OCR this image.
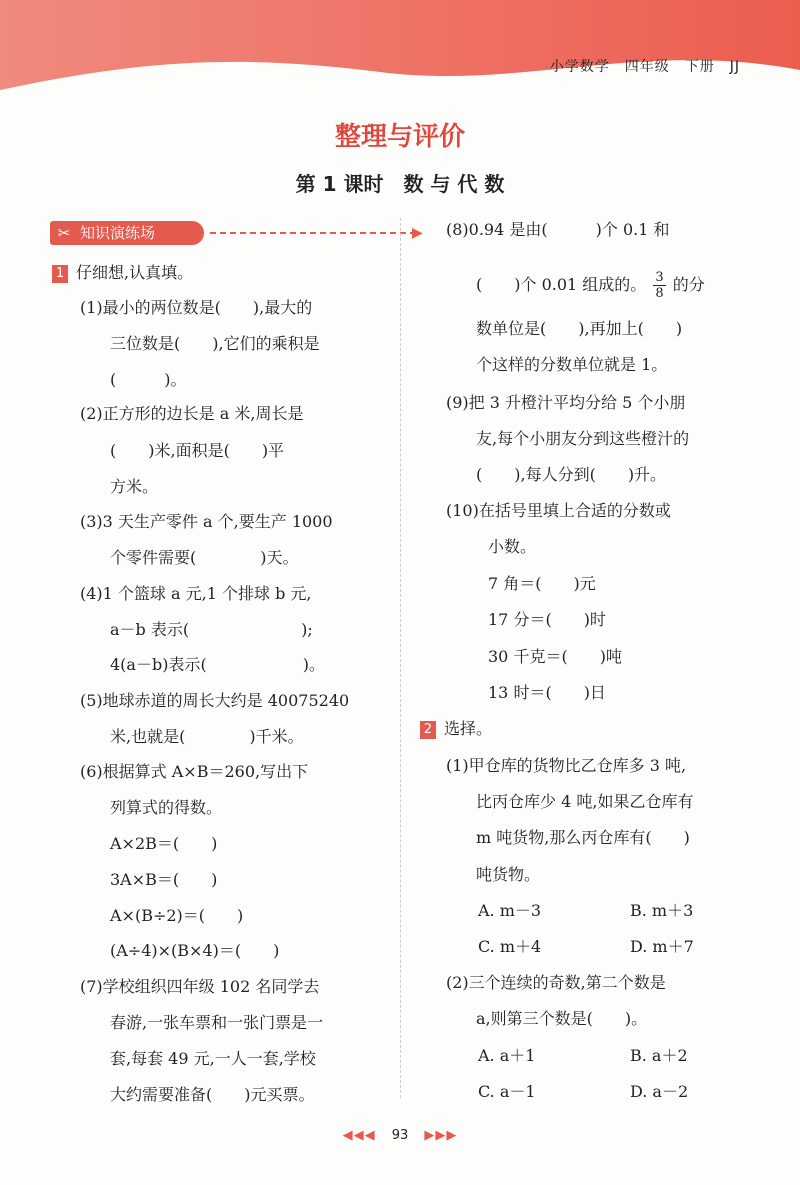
小学数学　四年级　下册　JJ
整理与评价
第 1 课时　数 与 代 数
✂ 知识演练场	▶
1 仔细想,认真填。
(1)最小的两位数是(　　),最大的
三位数是(　　),它们的乘积是
(　　　)。
(2)正方形的边长是 a 米,周长是
(　　)米,面积是(　　)平
方米。
(3)3 天生产零件 a 个,要生产 1000
个零件需要(　　　　)天。
(4)1 个篮球 a 元,1 个排球 b 元,
a－b 表示(　　　　　　　);
4(a－b)表示(　　　　　　)。
(5)地球赤道的周长大约是 40075240
米,也就是(　　　　)千米。
(6)根据算式 A×B＝260,写出下
列算式的得数。
A×2B＝(　　)
3A×B＝(　　)
A×(B÷2)＝(　　)
(A÷4)×(B×4)＝(　　)
(7)学校组织四年级 102 名同学去
春游,一张车票和一张门票是一
套,每套 49 元,一人一套,学校
大约需要准备(　　)元买票。
(8)0.94 是由(　　　)个 0.1 和
(　　)个 0.01 组成的。 $\frac{3}{8}$ 的分
数单位是(　　),再加上(　　)
个这样的分数单位就是 1。
(9)把 3 升橙汁平均分给 5 个小朋
友,每个小朋友分到这些橙汁的
(　　),每人分到(　　)升。
(10)在括号里填上合适的分数或
小数。
7 角＝(　　)元
17 分＝(　　)时
30 千克＝(　　)吨
13 时＝(　　)日
2 选择。
(1)甲仓库的货物比乙仓库多 3 吨,
比丙仓库少 4 吨,如果乙仓库有
m 吨货物,那么丙仓库有(　　)
吨货物。
A. m－3	B. m＋3
C. m＋4	D. m＋7
(2)三个连续的奇数,第二个数是
a,则第三个数是(　　)。
A. a＋1	B. a＋2
C. a－1	D. a－2
◀◀◀ 93 ▶▶▶
